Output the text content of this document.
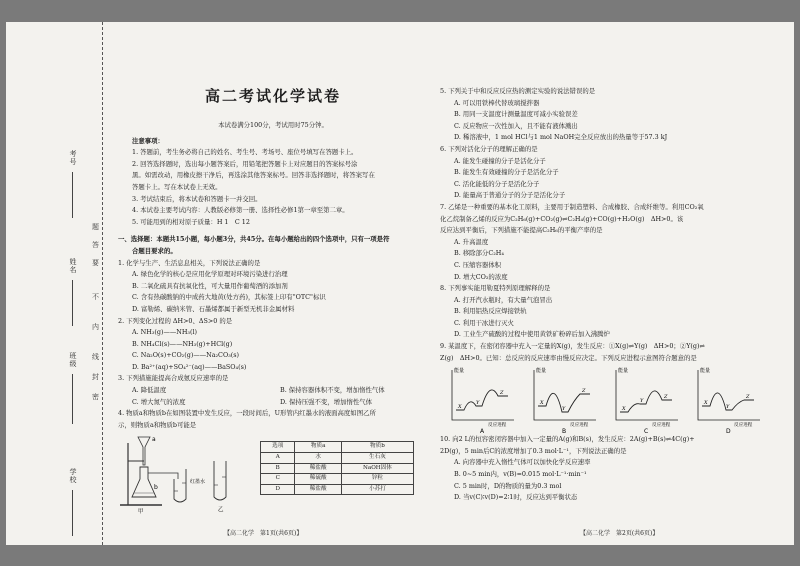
考号
姓名
班级
学校
题
答
要
不
内
线
封
密
高二考试化学试卷
本试卷满分100分，考试用时75分钟。
注意事项：
1. 答题前，考生务必将自己的姓名、考生号、考场号、座位号填写在答题卡上。
2. 回答选择题时，选出每小题答案后，用铅笔把答题卡上对应题目的答案标号涂
黑。如需改动，用橡皮擦干净后，再选涂其他答案标号。回答非选择题时，将答案写在
答题卡上。写在本试卷上无效。
3. 考试结束后，将本试卷和答题卡一并交回。
4. 本试卷主要考试内容：人教版必修第一册、选择性必修1第一章至第二章。
5. 可能用到的相对原子质量：H 1　C 12
一、选择题：本题共15小题，每小题3分，共45分。在每小题给出的四个选项中，只有一项是符
合题目要求的。
1. 化学与生产、生活息息相关，下列说法正确的是
A. 绿色化学的核心是应用化学原理对环境污染进行治理
B. 二氧化硫具有抗氧化性，可大量用作葡萄酒的添加剂
C. 含有热碳酸钠的中成药大地黄(处方药)，其标签上印有"OTC"标识
D. 富勒烯、碳纳米管、石墨烯都属于新型无机非金属材料
2. 下列变化过程的 ΔH>0、ΔS>0 的是
A. NH₃(g)——NH₃(l)
B. NH₄Cl(s)——NH₃(g)+HCl(g)
C. Na₂O(s)+CO₂(g)——Na₂CO₃(s)
D. Ba²⁺(aq)+SO₄²⁻(aq)——BaSO₄(s)
3. 下列措施能提高合成氨反应速率的是
A. 降低温度	B. 保持容器体积不变，增加惰性气体
C. 增大氮气的浓度	D. 保持压强不变，增加惰性气体
4. 物质a和物质b在如图装置中发生反应，一段时间后，U形管内红墨水的液面高度如图乙所
示，则物质a和物质b可能是
a
b
红墨水
甲	乙
选项	物质a	物质b
A	水	生石灰
B	稀盐酸	NaOH固体
C	稀硫酸	锌粒
D	稀盐酸	小苏打
【高二化学　第1页(共6页)】
5. 下列关于中和反应反应热的测定实验的说法错误的是
A. 可以用铁棒代替玻璃搅拌器
B. 用同一支温度计测量温度可减小实验误差
C. 反应物应一次性加入，且不能有液体溅出
D. 稀溶液中，1 mol HCl与1 mol NaOH完全反应放出的热量等于57.3 kJ
6. 下列对活化分子的理解正确的是
A. 能发生碰撞的分子是活化分子
B. 能发生有效碰撞的分子是活化分子
C. 活化能低的分子是活化分子
D. 能量高于普通分子的分子是活化分子
7. 乙烯是一种重要的基本化工原料，主要用于制造塑料、合成橡胶、合成纤维等。利用CO₂氧
化乙烷制备乙烯的反应为C₂H₆(g)+CO₂(g)⇌C₂H₄(g)+CO(g)+H₂O(g)　ΔH>0。该
反应达到平衡后，下列措施不能提高C₂H₆的平衡产率的是
A. 升高温度
B. 移除部分C₂H₄
C. 压缩容器体积
D. 增大CO₂的浓度
8. 下列事实能用勒夏特列原理解释的是
A. 打开汽水瓶时，有大量气泡冒出
B. 利用铝热反应焊接铁轨
C. 利用干冰进行灭火
D. 工业生产硫酸的过程中使用黄铁矿粉碎后加入沸腾炉
9. 某温度下，在密闭容器中充入一定量的X(g)，发生反应：①X(g)⇌Y(g)　ΔH>0；②Y(g)⇌
Z(g)　ΔH>0。已知：总反应的反应速率由慢反应决定。下列反应进程示意图符合题意的是
能量
反应进程
X
Y
Z
A
能量
反应进程
X
Y
Z
B
能量
反应进程
X
Y
Z
C
能量
反应进程
X
Y
Z
D
10. 向2 L的恒容密闭容器中加入一定量的A(g)和B(s)，发生反应：2A(g)+B(s)⇌4C(g)+
2D(g)，5 min后C的浓度增加了0.3 mol·L⁻¹，下列说法正确的是
A. 向容器中充入惰性气体可以加快化学反应速率
B. 0~5 min内，v(B)=0.015 mol·L⁻¹·min⁻¹
C. 5 min时，D的物质的量为0.3 mol
D. 当v(C)∶v(D)=2∶1时，反应达到平衡状态
【高二化学　第2页(共6页)】
